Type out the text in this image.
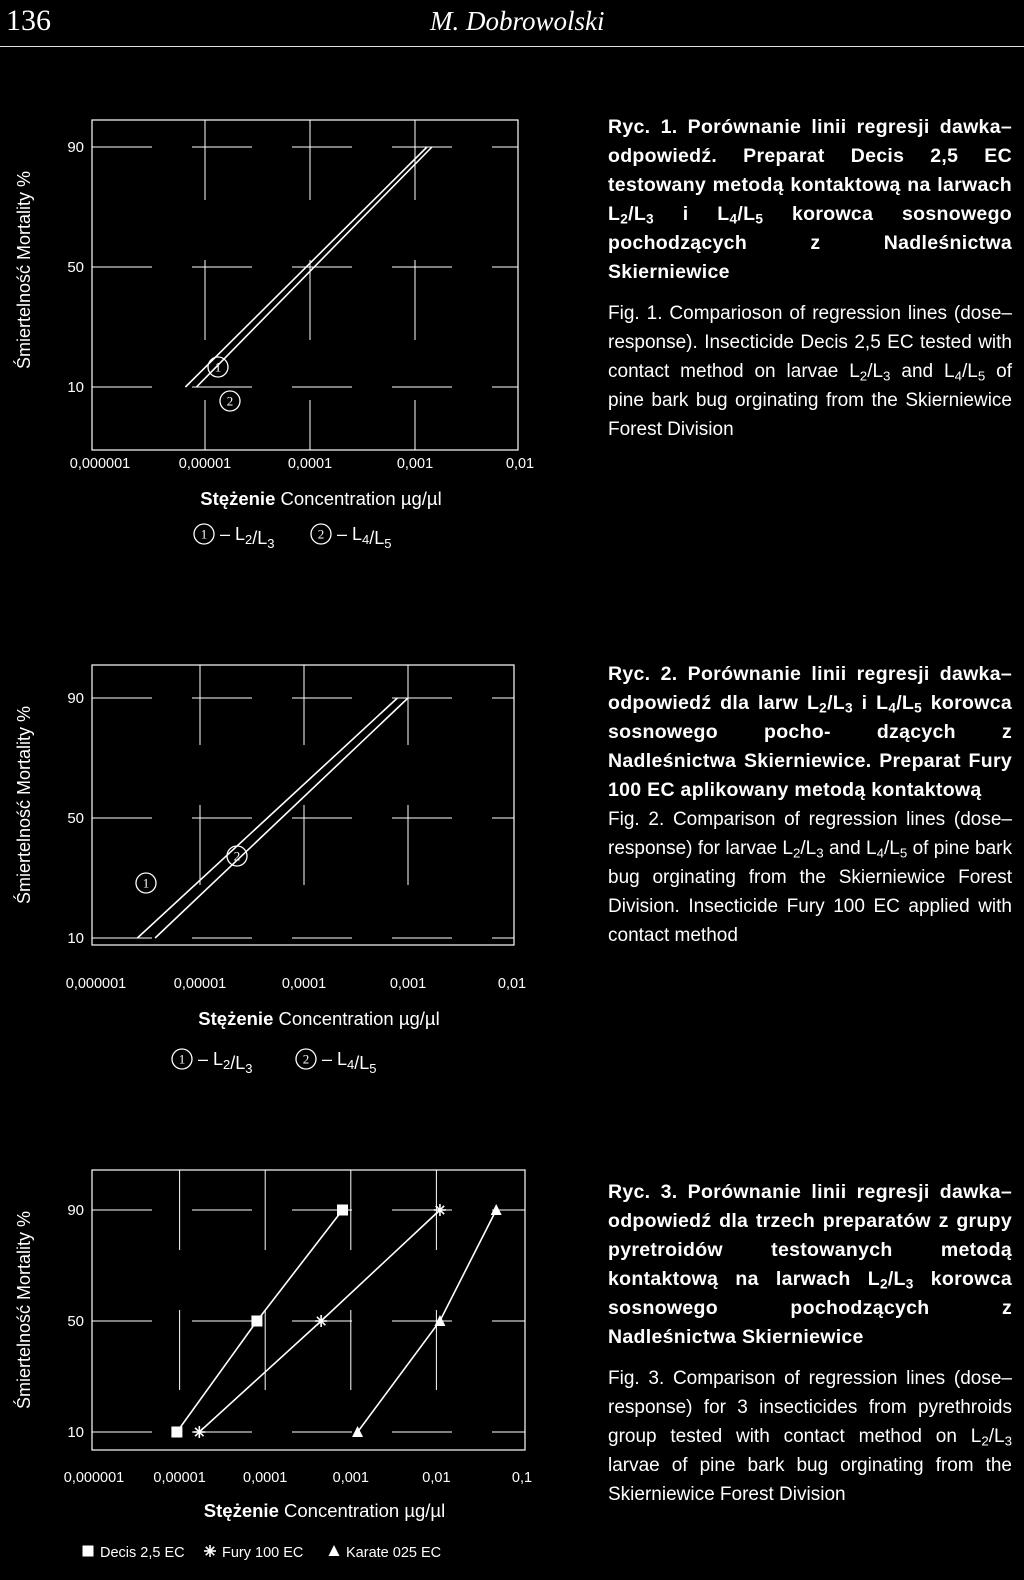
136	M. Dobrowolski
90
50
10
0,000001	0,00001	0,0001	0,001	0,01
1
2
Śmiertelność Mortality %
Stężenie Concentration µg/µl
$1 - L_2/L_3$
$2 - L_4/L_5$
90
50
10
0,000001	0,00001	0,0001	0,001	0,01
1
2
Śmiertelność Mortality %
Stężenie Concentration µg/µl
$1 - L_2/L_3$
$2 - L_4/L_5$
90
50
10
0,000001 0,00001	0,0001	0,001	0,01	0,1
Śmiertelność Mortality %
Stężenie Concentration µg/µl
Decis 2,5 EC	Fury 100 EC	Karate 025 EC

Ryc. 1. Porównanie linii regresji dawka–odpowiedź. Preparat Decis 2,5 EC testowany metodą kontaktową na larwach $L_2/L_3$ i $L_4/L_5$ korowca sosnowego pochodzących z Nadleśnictwa Skierniewice

Fig. 1. Comparioson of regression lines (dose–response). Insecticide Decis 2,5 EC tested with contact method on larvae $L_2/L_3$ and $L_4/L_5$ of pine bark bug orginating from the Skierniewice Forest Division

Ryc. 2. Porównanie linii regresji dawka–odpowiedź dla larw $L_2/L_3$ i $L_4/L_5$ korowca sosnowego pocho- dzących z Nadleśnictwa Skierniewice. Preparat Fury 100 EC aplikowany metodą kontaktową

Fig. 2. Comparison of regression lines (dose–response) for larvae $L_2/L_3$ and $L_4/L_5$ of pine bark bug orginating from the Skierniewice Forest Division. Insecticide Fury 100 EC applied with contact method

Ryc. 3. Porównanie linii regresji dawka–odpowiedź dla trzech preparatów z grupy pyretroidów testowanych metodą kontaktową na larwach $L_2/L_3$ korowca sosnowego pochodzących z Nadleśnictwa Skierniewice

Fig. 3. Comparison of regression lines (dose–response) for 3 insecticides from pyrethroids group tested with contact method on $L_2/L_3$ larvae of pine bark bug orginating from the Skierniewice Forest Division
